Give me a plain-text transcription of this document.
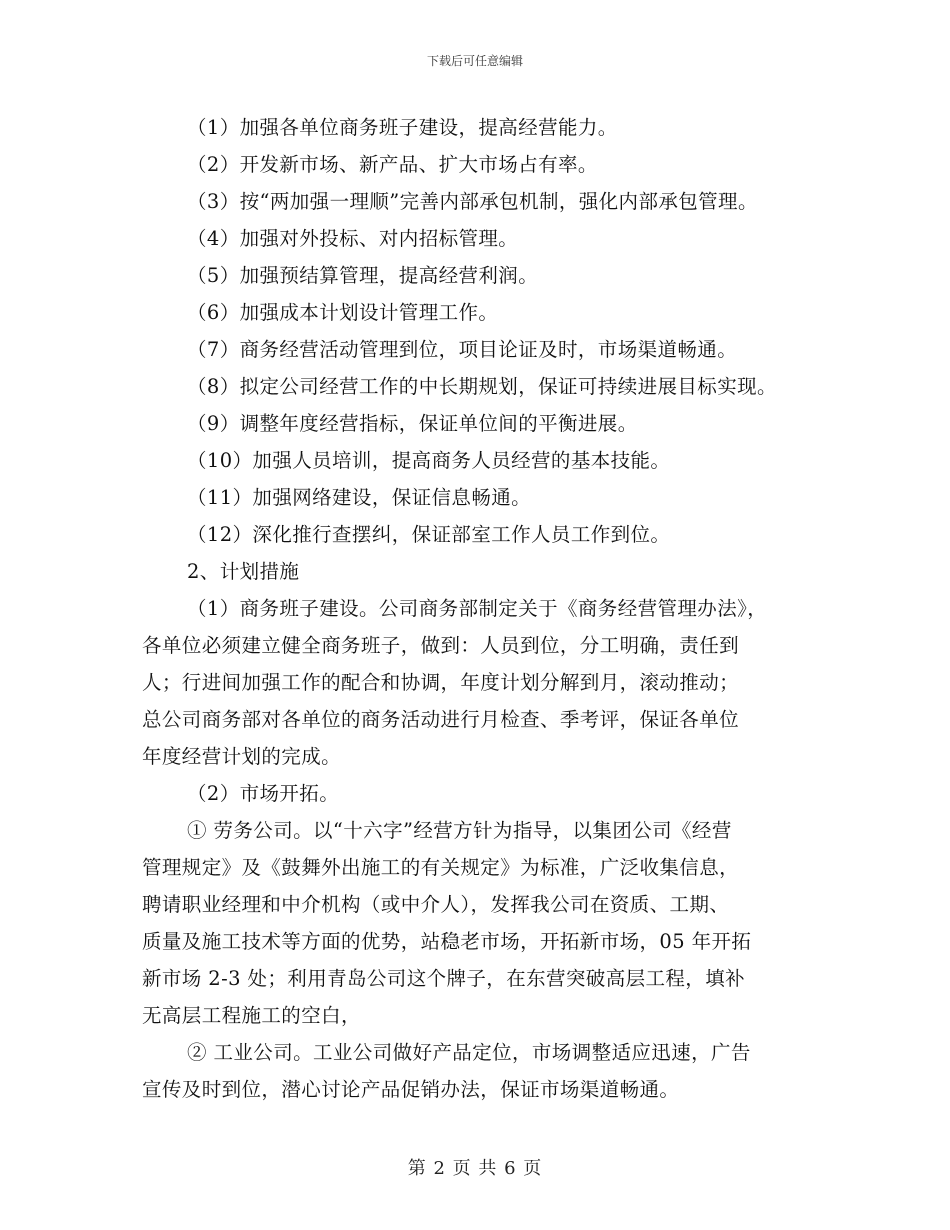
下载后可任意编辑
（1）加强各单位商务班子建设，提高经营能力。
（2）开发新市场、新产品、扩大市场占有率。
（3）按“两加强一理顺”完善内部承包机制，强化内部承包管理。
（4）加强对外投标、对内招标管理。
（5）加强预结算管理，提高经营利润。
（6）加强成本计划设计管理工作。
（7）商务经营活动管理到位，项目论证及时，市场渠道畅通。
（8）拟定公司经营工作的中长期规划，保证可持续进展目标实现。
（9）调整年度经营指标，保证单位间的平衡进展。
（10）加强人员培训，提高商务人员经营的基本技能。
（11）加强网络建设，保证信息畅通。
（12）深化推行查摆纠，保证部室工作人员工作到位。
2、计划措施
（1）商务班子建设。公司商务部制定关于《商务经营管理办法》，
各单位必须建立健全商务班子，做到：人员到位，分工明确，责任到
人；行进间加强工作的配合和协调，年度计划分解到月，滚动推动；
总公司商务部对各单位的商务活动进行月检查、季考评，保证各单位
年度经营计划的完成。
（2）市场开拓。
① 劳务公司。以“十六字”经营方针为指导，以集团公司《经营
管理规定》及《鼓舞外出施工的有关规定》为标准，广泛收集信息，
聘请职业经理和中介机构（或中介人），发挥我公司在资质、工期、
质量及施工技术等方面的优势，站稳老市场，开拓新市场，05 年开拓
新市场 2-3 处；利用青岛公司这个牌子，在东营突破高层工程，填补
无高层工程施工的空白，
② 工业公司。工业公司做好产品定位，市场调整适应迅速，广告
宣传及时到位，潜心讨论产品促销办法，保证市场渠道畅通。
第 2 页 共 6 页
